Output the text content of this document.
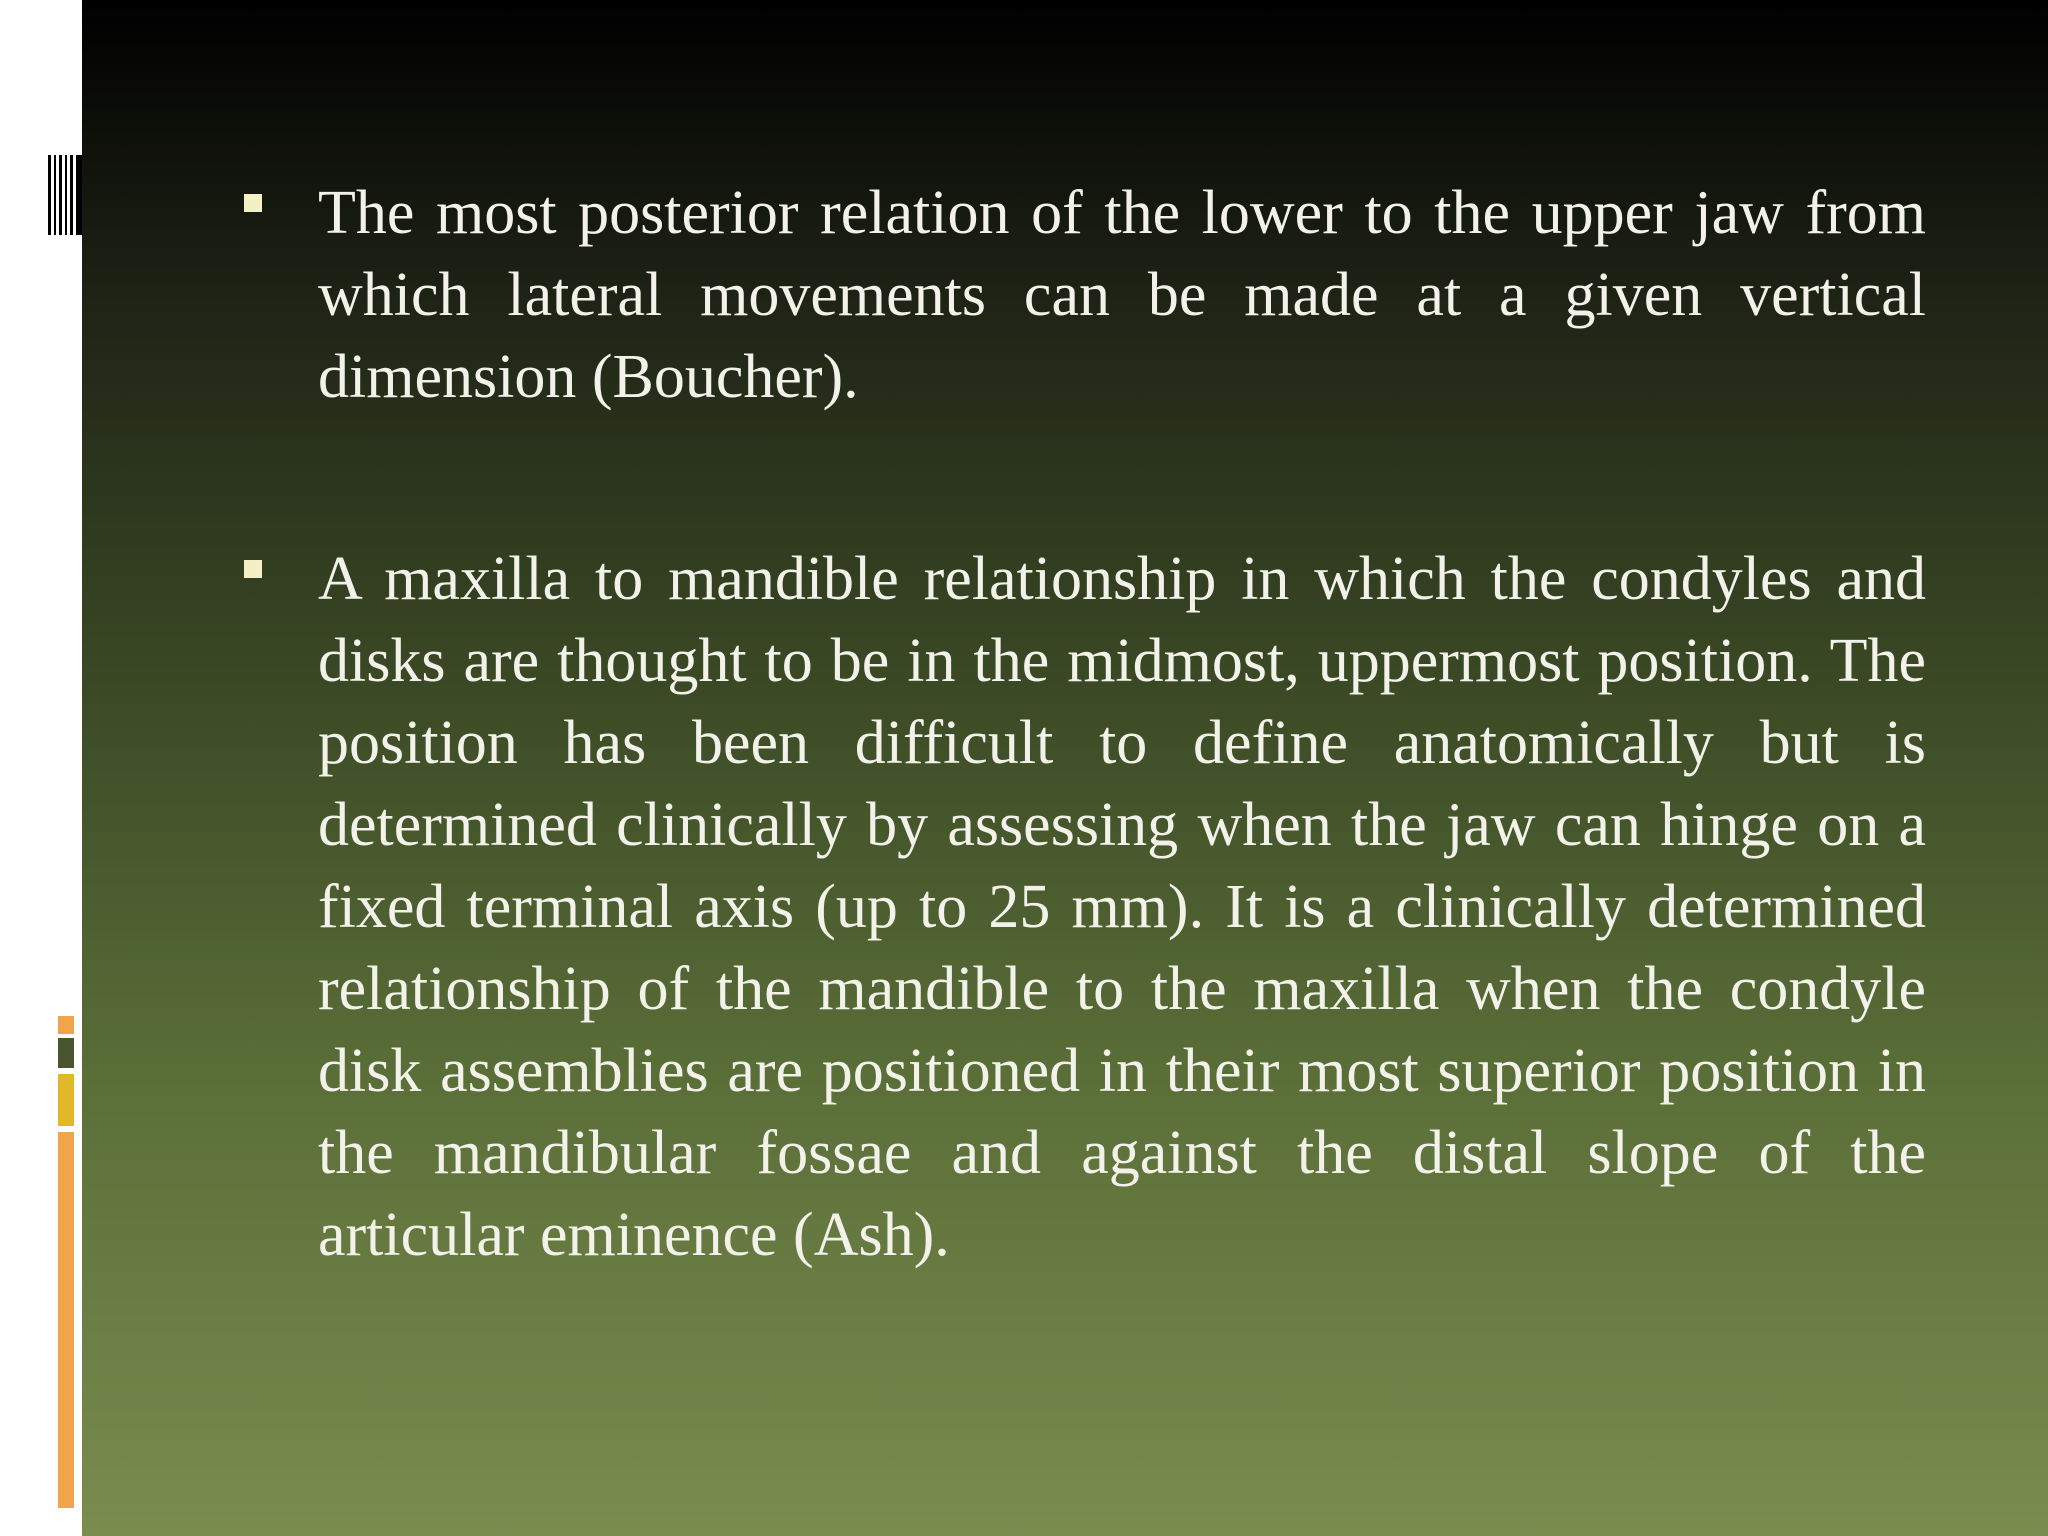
The most posterior relation of the lower to the upper jaw from which lateral movements can be made at a given vertical dimension (Boucher).
A maxilla to mandible relationship in which the condyles and disks are thought to be in the midmost, uppermost position. The position has been difficult to define anatomically but is determined clinically by assessing when the jaw can hinge on a fixed terminal axis (up to 25 mm). It is a clinically determined relationship of the mandible to the maxilla when the condyle disk assemblies are positioned in their most superior position in the mandibular fossae and against the distal slope of the articular eminence (Ash).
